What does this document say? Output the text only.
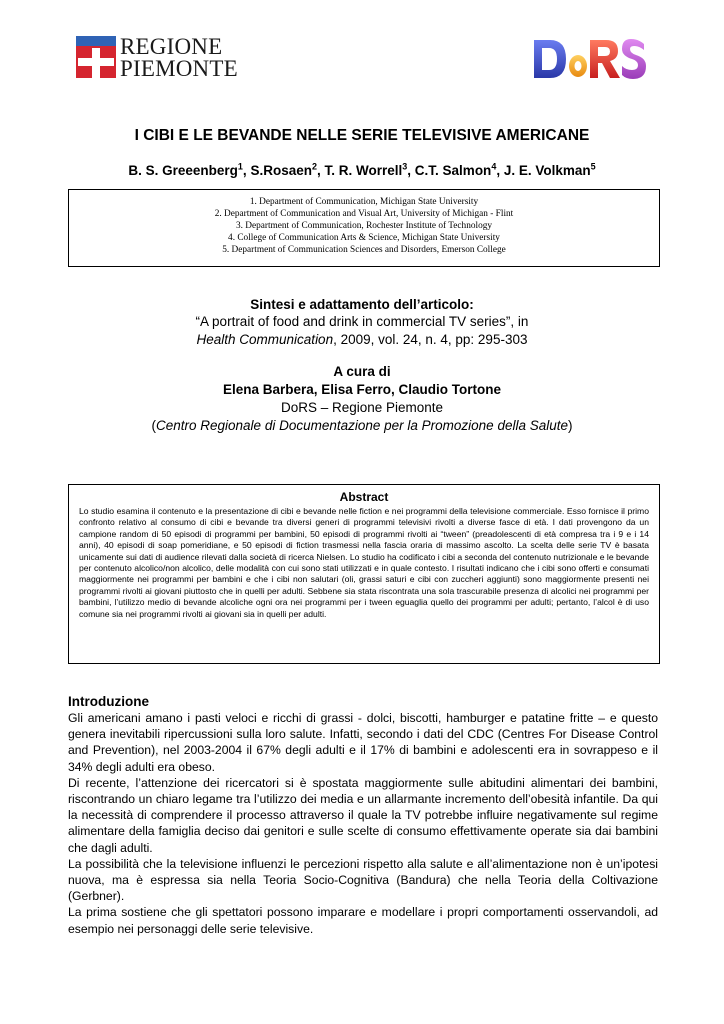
REGIONE
PIEMONTE
I CIBI E LE BEVANDE NELLE SERIE TELEVISIVE AMERICANE
B. S. Greeenberg$^1$, S.Rosaen$^2$, T. R. Worrell$^3$, C.T. Salmon$^4$, J. E. Volkman$^5$
1. Department of Communication, Michigan State University
2. Department of Communication and Visual Art, University of Michigan - Flint
3. Department of Communication, Rochester Institute of Technology
4. College of Communication Arts & Science, Michigan State University
5. Department of Communication Sciences and Disorders, Emerson College
Sintesi e adattamento dell’articolo:
“A portrait of food and drink in commercial TV series”, in
Health Communication, 2009, vol. 24, n. 4, pp: 295-303
A cura di
Elena Barbera, Elisa Ferro, Claudio Tortone
DoRS – Regione Piemonte
(Centro Regionale di Documentazione per la Promozione della Salute)
Abstract
Lo studio esamina il contenuto e la presentazione di cibi e bevande nelle fiction e nei programmi della televisione commerciale. Esso fornisce il primo confronto relativo al consumo di cibi e bevande tra diversi generi di programmi televisivi rivolti a diverse fasce di età. I dati provengono da un campione random di 50 episodi di programmi per bambini, 50 episodi di programmi rivolti ai “tween” (preadolescenti di età compresa tra i 9 e i 14 anni), 40 episodi di soap pomeridiane, e 50 episodi di fiction trasmessi nella fascia oraria di massimo ascolto. La scelta delle serie TV è basata unicamente sui dati di audience rilevati dalla società di ricerca Nielsen. Lo studio ha codificato i cibi a seconda del contenuto nutrizionale e le bevande per contenuto alcolico/non alcolico, delle modalità con cui sono stati utilizzati e in quale contesto. I risultati indicano che i cibi sono offerti e consumati maggiormente nei programmi per bambini e che i cibi non salutari (oli, grassi saturi e cibi con zuccheri aggiunti) sono maggiormente presenti nei programmi rivolti ai giovani piuttosto che in quelli per adulti. Sebbene sia stata riscontrata una sola trascurabile presenza di alcolici nei programmi per bambini, l’utilizzo medio di bevande alcoliche ogni ora nei programmi per i tween eguaglia quello dei programmi per adulti; pertanto, l’alcol è di uso comune sia nei programmi rivolti ai giovani sia in quelli per adulti.
Introduzione

Gli americani amano i pasti veloci e ricchi di grassi - dolci, biscotti, hamburger e patatine fritte – e questo genera inevitabili ripercussioni sulla loro salute. Infatti, secondo i dati del CDC (Centres For Disease Control and Prevention), nel 2003-2004 il 67% degli adulti e il 17% di bambini e adolescenti era in sovrappeso e il 34% degli adulti era obeso.

Di recente, l’attenzione dei ricercatori si è spostata maggiormente sulle abitudini alimentari dei bambini, riscontrando un chiaro legame tra l’utilizzo dei media e un allarmante incremento dell’obesità infantile. Da qui la necessità di comprendere il processo attraverso il quale la TV potrebbe influire negativamente sul regime alimentare della famiglia deciso dai genitori e sulle scelte di consumo effettivamente operate sia dai bambini che dagli adulti.

La possibilità che la televisione influenzi le percezioni rispetto alla salute e all’alimentazione non è un’ipotesi nuova, ma è espressa sia nella Teoria Socio-Cognitiva (Bandura) che nella Teoria della Coltivazione (Gerbner).

La prima sostiene che gli spettatori possono imparare e modellare i propri comportamenti osservandoli, ad esempio nei personaggi delle serie televisive.
